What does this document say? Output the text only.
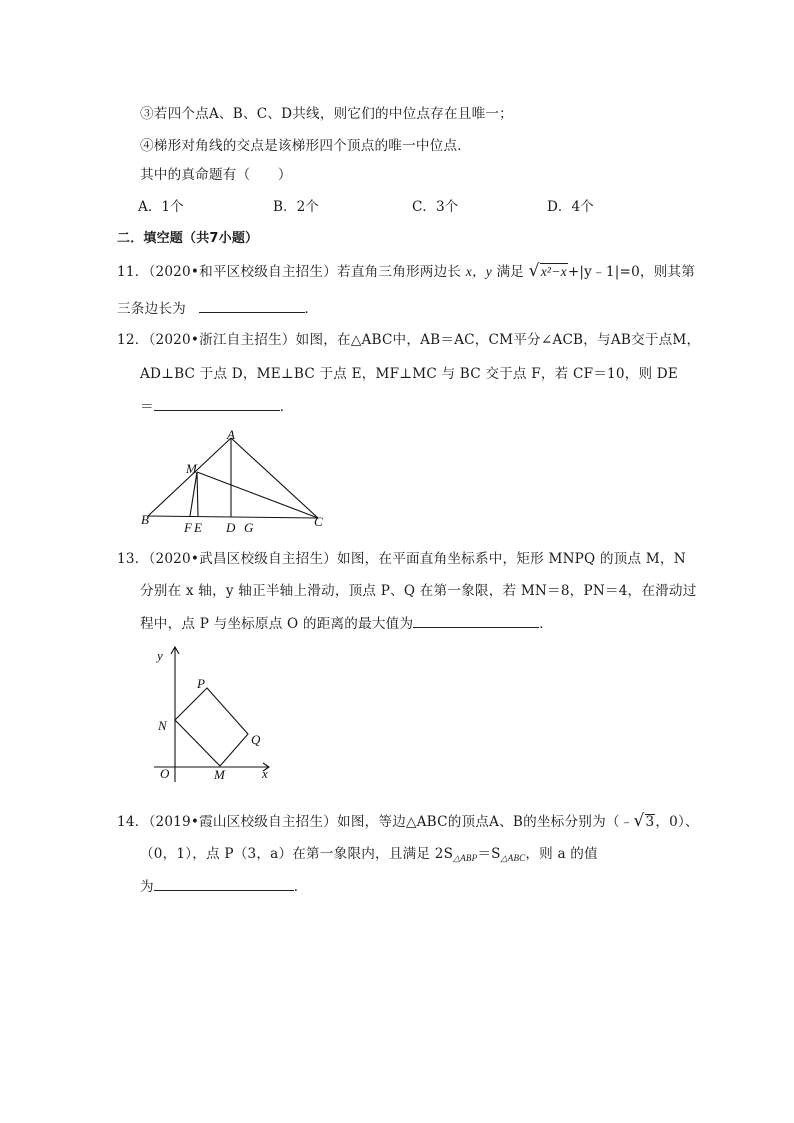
③若四个点A、B、C、D共线，则它们的中位点存在且唯一；
④梯形对角线的交点是该梯形四个顶点的唯一中位点．
其中的真命题有（　　）
A．1个	B．2个	C．3个	D．4个
二．填空题（共7小题）
11．（2020•和平区校级自主招生）若直角三角形两边长 x，y 满足 √x²−x+|y﹣1|=0，则其第
三条边长为	．
12．（2020•浙江自主招生）如图，在△ABC中，AB＝AC，CM平分∠ACB，与AB交于点M，
AD⊥BC 于点 D，ME⊥BC 于点 E，MF⊥MC 与 BC 交于点 F，若 CF＝10，则 DE
＝	．
A
M
B
F E D G	C
13．（2020•武昌区校级自主招生）如图，在平面直角坐标系中，矩形 MNPQ 的顶点 M，N
分别在 x 轴，y 轴正半轴上滑动，顶点 P、Q 在第一象限，若 MN＝8，PN＝4，在滑动过
程中，点 P 与坐标原点 O 的距离的最大值为	．
y
P
N
Q
O	M	x
14．（2019•霞山区校级自主招生）如图，等边△ABC的顶点A、B的坐标分别为（﹣√3，0）、
（0，1），点 P（3，a）在第一象限内，且满足 $2S_{\triangle ABP}=S_{\triangle ABC}$，则 a 的值
为	．
